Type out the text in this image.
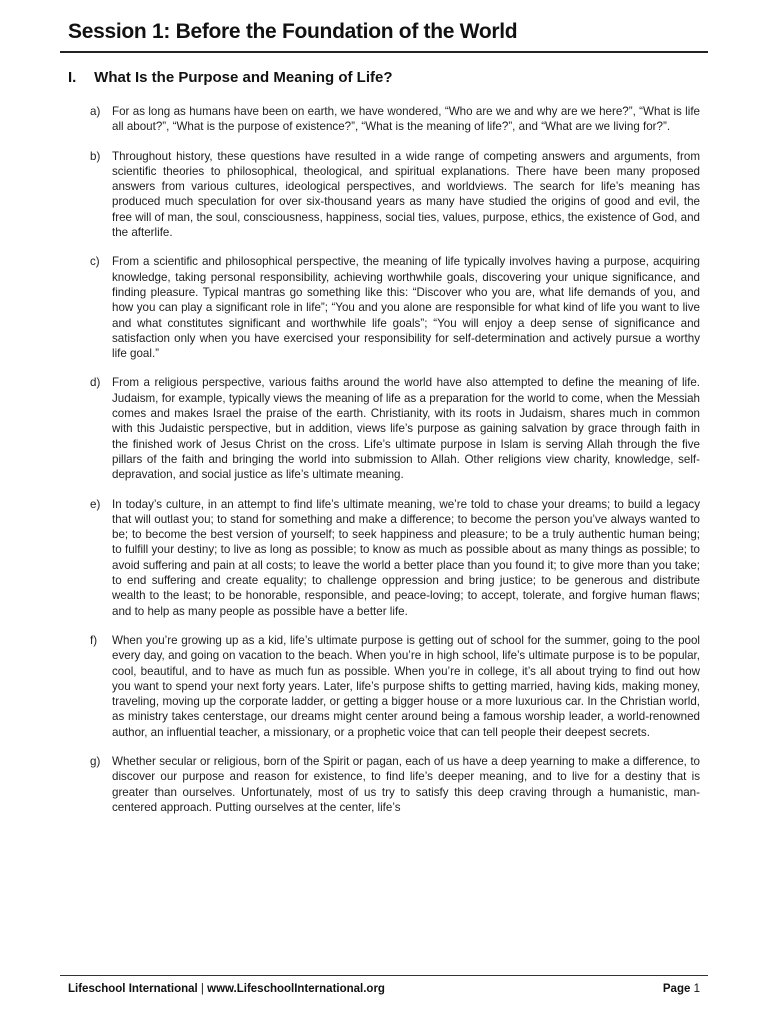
Session 1: Before the Foundation of the World
I. What Is the Purpose and Meaning of Life?

a) For as long as humans have been on earth, we have wondered, “Who are we and why are we here?”, “What is life all about?”, “What is the purpose of existence?”, “What is the meaning of life?”, and “What are we living for?”.

b) Throughout history, these questions have resulted in a wide range of competing answers and arguments, from scientific theories to philosophical, theological, and spiritual explanations. There have been many proposed answers from various cultures, ideological perspectives, and worldviews. The search for life’s meaning has produced much speculation for over six-thousand years as many have studied the origins of good and evil, the free will of man, the soul, consciousness, happiness, social ties, values, purpose, ethics, the existence of God, and the afterlife.

c) From a scientific and philosophical perspective, the meaning of life typically involves having a purpose, acquiring knowledge, taking personal responsibility, achieving worthwhile goals, discovering your unique significance, and finding pleasure. Typical mantras go something like this: “Discover who you are, what life demands of you, and how you can play a significant role in life”; “You and you alone are responsible for what kind of life you want to live and what constitutes significant and worthwhile life goals”; “You will enjoy a deep sense of significance and satisfaction only when you have exercised your responsibility for self-determination and actively pursue a worthy life goal.”

d) From a religious perspective, various faiths around the world have also attempted to define the meaning of life. Judaism, for example, typically views the meaning of life as a preparation for the world to come, when the Messiah comes and makes Israel the praise of the earth. Christianity, with its roots in Judaism, shares much in common with this Judaistic perspective, but in addition, views life’s purpose as gaining salvation by grace through faith in the finished work of Jesus Christ on the cross. Life’s ultimate purpose in Islam is serving Allah through the five pillars of the faith and bringing the world into submission to Allah. Other religions view charity, knowledge, self-depravation, and social justice as life’s ultimate meaning.

e) In today’s culture, in an attempt to find life’s ultimate meaning, we’re told to chase your dreams; to build a legacy that will outlast you; to stand for something and make a difference; to become the person you’ve always wanted to be; to become the best version of yourself; to seek happiness and pleasure; to be a truly authentic human being; to fulfill your destiny; to live as long as possible; to know as much as possible about as many things as possible; to avoid suffering and pain at all costs; to leave the world a better place than you found it; to give more than you take; to end suffering and create equality; to challenge oppression and bring justice; to be generous and distribute wealth to the least; to be honorable, responsible, and peace-loving; to accept, tolerate, and forgive human flaws; and to help as many people as possible have a better life.

f) When you’re growing up as a kid, life’s ultimate purpose is getting out of school for the summer, going to the pool every day, and going on vacation to the beach. When you’re in high school, life’s ultimate purpose is to be popular, cool, beautiful, and to have as much fun as possible. When you’re in college, it’s all about trying to find out how you want to spend your next forty years. Later, life’s purpose shifts to getting married, having kids, making money, traveling, moving up the corporate ladder, or getting a bigger house or a more luxurious car. In the Christian world, as ministry takes centerstage, our dreams might center around being a famous worship leader, a world-renowned author, an influential teacher, a missionary, or a prophetic voice that can tell people their deepest secrets.

g) Whether secular or religious, born of the Spirit or pagan, each of us have a deep yearning to make a difference, to discover our purpose and reason for existence, to find life’s deeper meaning, and to live for a destiny that is greater than ourselves. Unfortunately, most of us try to satisfy this deep craving through a humanistic, man-centered approach. Putting ourselves at the center, life’s

Lifeschool International | www.LifeschoolInternational.org	Page 1
